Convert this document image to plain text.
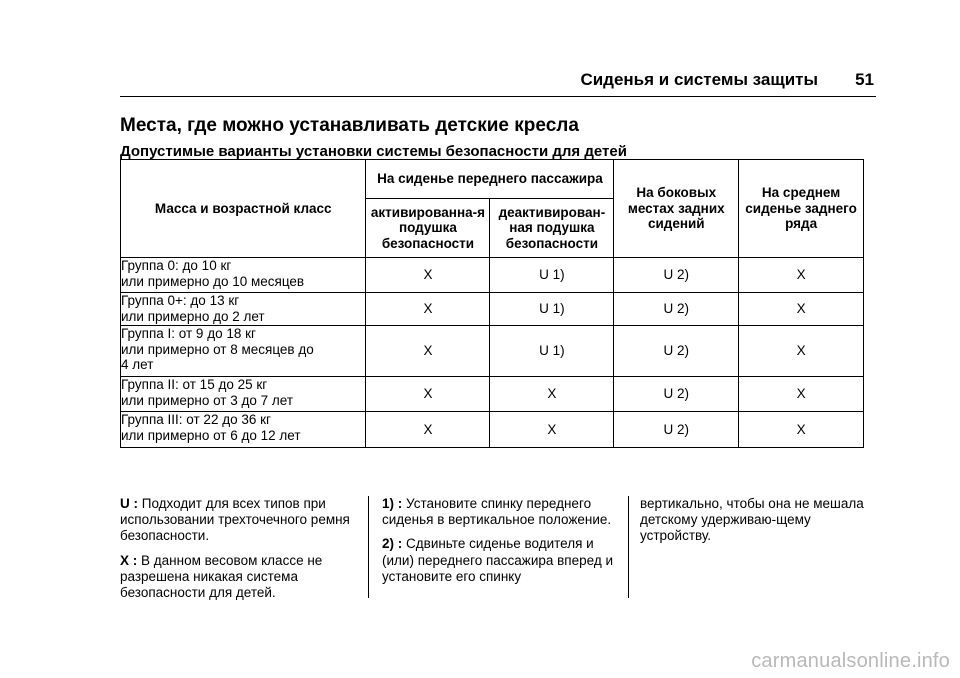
Сиденья и системы защиты 51
Места, где можно устанавливать детские кресла
Допустимые варианты установки системы безопасности для детей
Масса и возрастной класс	На сиденье переднего пассажира		На боковых местах задних сидений	На среднем сиденье заднего ряда
	активированна-я подушка безопасности	деактивирован-ная подушка безопасности		

Группа 0: до 10 кг
или примерно до 10 месяцев	X	U 1)	U 2)	X

Группа 0+: до 13 кг
или примерно до 2 лет	X	U 1)	U 2)	X

Группа I: от 9 до 18 кг
или примерно от 8 месяцев до
4 лет	X	U 1)	U 2)	X

Группа II: от 15 до 25 кг
или примерно от 3 до 7 лет	X	X	U 2)	X

Группа III: от 22 до 36 кг
или примерно от 6 до 12 лет	X	X	U 2)	X

U : Подходит для всех типов при использовании трехточечного ремня безопасности.

X : В данном весовом классе не разрешена никакая система безопасности для детей.

1) : Установите спинку переднего сиденья в вертикальное положение.

2) : Сдвиньте сиденье водителя и (или) переднего пассажира вперед и установите его спинку

вертикально, чтобы она не мешала детскому удерживаю-щему устройству.

carmanualsonline.info
